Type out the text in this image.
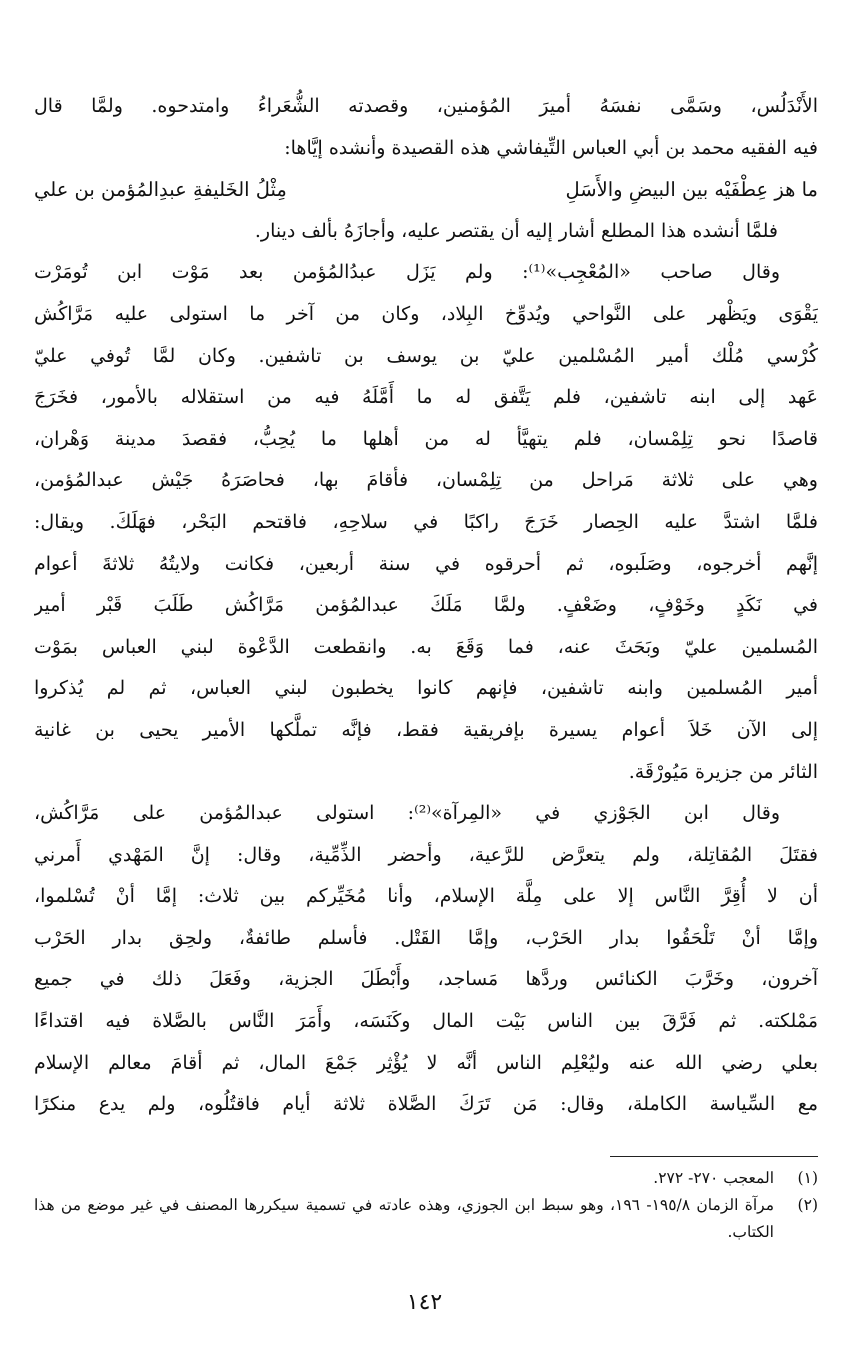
الأَنْدَلُس، وسَمَّى نفسَهُ أميرَ المُؤمنين، وقصدته الشُّعَراءُ وامتدحوه. ولمَّا قال
فيه الفقيه محمد بن أبي العباس التِّيفاشي هذه القصيدة وأنشده إيَّاها:
ما هز عِطْفَيْه بين البيضِ والأَسَلِ
مِثْلُ الخَليفةِ عبدِالمُؤمن بن علي
فلمَّا أنشده هذا المطلع أشار إليه أن يقتصر عليه، وأجازَهُ بألف دينار.
وقال صاحب «المُعْجِب»⁽¹⁾: ولم يَزَل عبدُالمُؤمن بعد مَوْت ابن تُومَرْت
يَقْوَى ويَظْهر على النَّواحي ويُدوِّخ البِلاد، وكان من آخر ما استولى عليه مَرَّاكُش
كُرْسي مُلْك أمير المُسْلمين عليّ بن يوسف بن تاشفين. وكان لمَّا تُوفي عليّ
عَهد إلى ابنه تاشفين، فلم يَتَّفق له ما أَمَّلَهُ فيه من استقلاله بالأمور، فخَرَجَ
قاصدًا نحو تِلِمْسان، فلم يتهيَّأ له من أهلها ما يُحِبُّ، فقصدَ مدينة وَهْران،
وهي على ثلاثة مَراحل من تِلِمْسان، فأقامَ بها، فحاصَرَهُ جَيْش عبدالمُؤمن،
فلمَّا اشتدَّ عليه الحِصار خَرَجَ راكبًا في سلاحِهِ، فاقتحم البَحْر، فهَلَكَ. ويقال:
إنَّهم أخرجوه، وصَلَبوه، ثم أحرقوه في سنة أربعين، فكانت ولايتُهُ ثلاثةَ أعوام
في نَكَدٍ وخَوْفٍ، وضَعْفٍ. ولمَّا مَلَكَ عبدالمُؤمن مَرَّاكُش طَلَبَ قَبْر أمير
المُسلمين عليّ وبَحَثَ عنه، فما وَقَعَ به. وانقطعت الدَّعْوة لبني العباس بمَوْت
أمير المُسلمين وابنه تاشفين، فإنهم كانوا يخطبون لبني العباس، ثم لم يُذكروا
إلى الآن خَلاَ أعوام يسيرة بإفريقية فقط، فإنَّه تملَّكها الأمير يحيى بن غانية
الثائر من جزيرة مَيُورْقَة.
وقال ابن الجَوْزي في «المِرآة»⁽²⁾: استولى عبدالمُؤمن على مَرَّاكُش،
فقتَلَ المُقاتِلة، ولم يتعرَّض للرَّعية، وأحضر الذِّمِّية، وقال: إنَّ المَهْدي أَمرني
أن لا أُقِرَّ النَّاس إلا على مِلَّة الإسلام، وأنا مُخَيِّركم بين ثلاث: إمَّا أنْ تُسْلموا،
وإمَّا أنْ تَلْحَقُوا بدار الحَرْب، وإمَّا القَتْل. فأسلم طائفةٌ، ولحِق بدار الحَرْب
آخرون، وخَرَّبَ الكنائس وردَّها مَساجد، وأَبْطَلَ الجزية، وفَعَلَ ذلك في جميع
مَمْلكته. ثم فَرَّقَ بين الناس بَيْت المال وكَنَسَه، وأَمَرَ النَّاس بالصَّلاة فيه اقتداءًا
بعلي رضي الله عنه وليُعْلِم الناس أنَّه لا يُؤْثِر جَمْعَ المال، ثم أقامَ معالم الإسلام
مع السِّياسة الكاملة، وقال: مَن تَرَكَ الصَّلاة ثلاثة أيام فاقتُلُوه، ولم يدع منكرًا
(١)
المعجب ٢٧٠- ٢٧٢.
(٢)
مرآة الزمان ١٩٥/٨- ١٩٦، وهو سبط ابن الجوزي، وهذه عادته في تسمية سيكررها المصنف في غير موضع من هذا الكتاب.
١٤٢
